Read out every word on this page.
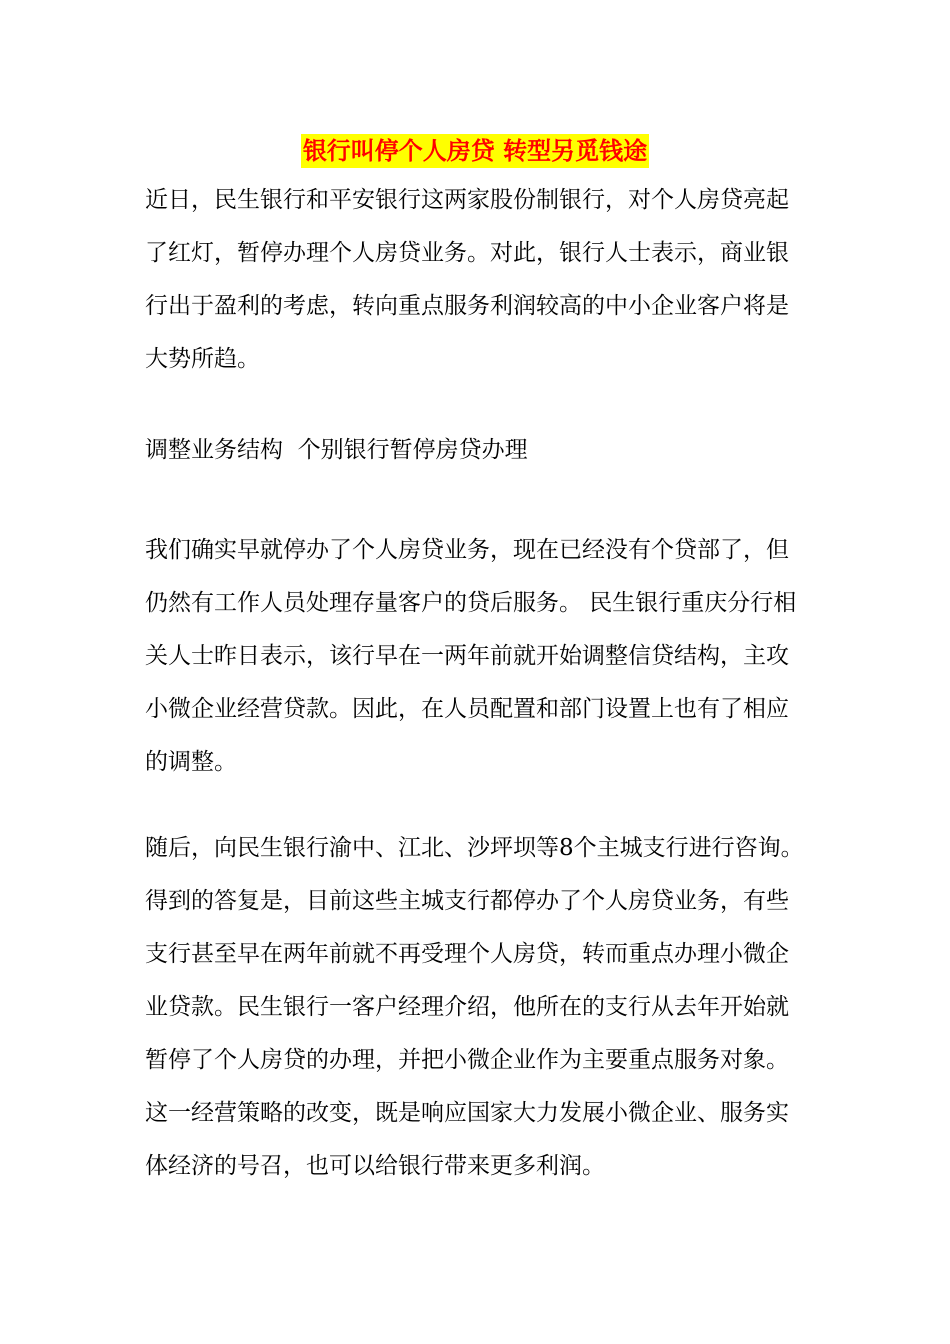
银行叫停个人房贷 转型另觅钱途

近日，民生银行和平安银行这两家股份制银行，对个人房贷亮起了红灯，暂停办理个人房贷业务。对此，银行人士表示，商业银行出于盈利的考虑，转向重点服务利润较高的中小企业客户将是大势所趋。

调整业务结构  个别银行暂停房贷办理

我们确实早就停办了个人房贷业务，现在已经没有个贷部了，但仍然有工作人员处理存量客户的贷后服务。 民生银行重庆分行相关人士昨日表示，该行早在一两年前就开始调整信贷结构，主攻小微企业经营贷款。因此，在人员配置和部门设置上也有了相应的调整。

随后，向民生银行渝中、江北、沙坪坝等8个主城支行进行咨询。得到的答复是，目前这些主城支行都停办了个人房贷业务，有些支行甚至早在两年前就不再受理个人房贷，转而重点办理小微企业贷款。民生银行一客户经理介绍，他所在的支行从去年开始就暂停了个人房贷的办理，并把小微企业作为主要重点服务对象。这一经营策略的改变，既是响应国家大力发展小微企业、服务实体经济的号召，也可以给银行带来更多利润。
